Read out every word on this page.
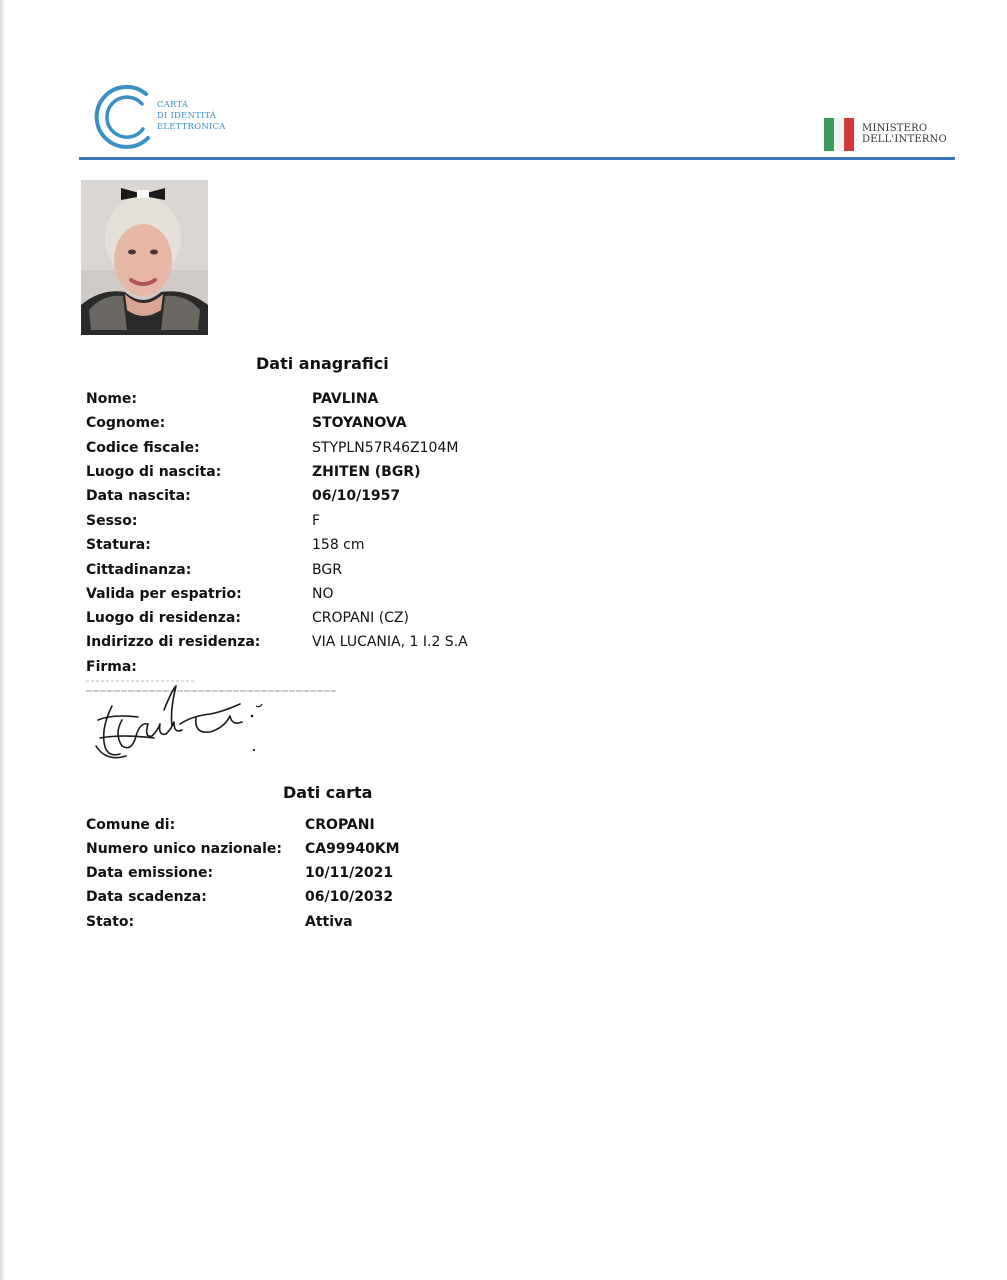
CARTA
DI IDENTITÀ
ELETTRONICA	MINISTERO
DELL'INTERNO
Dati anagrafici
Nome:	PAVLINA
Cognome:	STOYANOVA
Codice fiscale:	STYPLN57R46Z104M
Luogo di nascita:	ZHITEN (BGR)
Data nascita:	06/10/1957
Sesso:	F
Statura:	158 cm
Cittadinanza:	BGR
Valida per espatrio:	NO
Luogo di residenza:	CROPANI (CZ)
Indirizzo di residenza:	VIA LUCANIA, 1 I.2 S.A
Firma:
Dati carta
Comune di:	CROPANI
Numero unico nazionale: CA99940KM
Data emissione:	10/11/2021
Data scadenza:	06/10/2032
Stato:	Attiva
